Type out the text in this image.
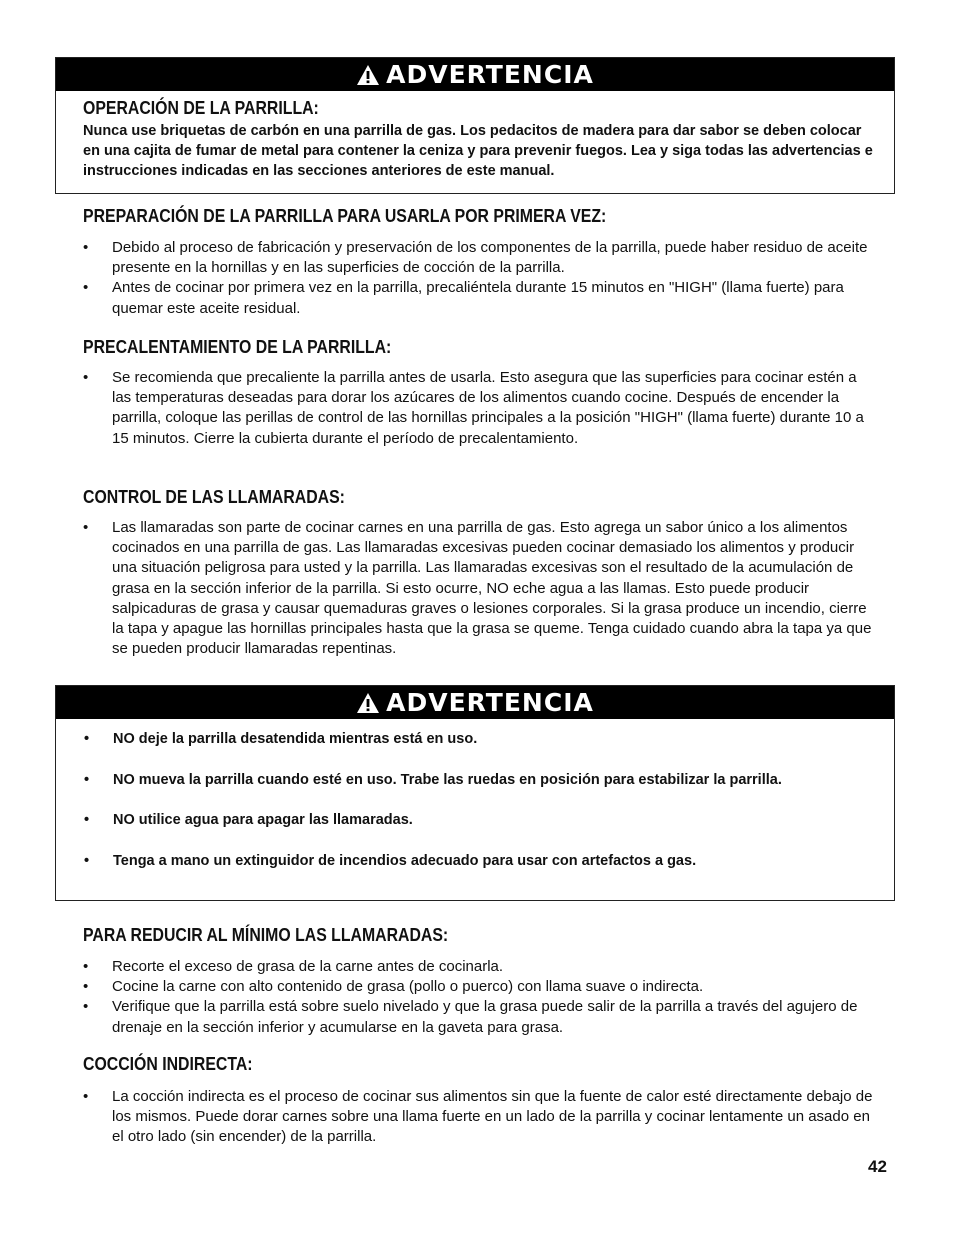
ADVERTENCIA
OPERACIÓN DE LA PARRILLA:
Nunca use briquetas de carbón en una parrilla de gas. Los pedacitos de madera para dar sabor se deben colocar en una cajita de fumar de metal para contener la ceniza y para prevenir fuegos. Lea y siga todas las advertencias e instrucciones indicadas en las secciones anteriores de este manual.
PREPARACIÓN DE LA PARRILLA PARA USARLA POR PRIMERA VEZ:
• Debido al proceso de fabricación y preservación de los componentes de la parrilla, puede haber residuo de aceite presente en la hornillas y en las superficies de cocción de la parrilla.
• Antes de cocinar por primera vez en la parrilla, precaliéntela durante 15 minutos en "HIGH" (llama fuerte) para quemar este aceite residual.
PRECALENTAMIENTO DE LA PARRILLA:
• Se recomienda que precaliente la parrilla antes de usarla. Esto asegura que las superficies para cocinar estén a las temperaturas deseadas para dorar los azúcares de los alimentos cuando cocine. Después de encender la parrilla, coloque las perillas de control de las hornillas principales a la posición "HIGH" (llama fuerte) durante 10 a 15 minutos. Cierre la cubierta durante el período de precalentamiento.
CONTROL DE LAS LLAMARADAS:
• Las llamaradas son parte de cocinar carnes en una parrilla de gas. Esto agrega un sabor único a los alimentos cocinados en una parrilla de gas. Las llamaradas excesivas pueden cocinar demasiado los alimentos y producir una situación peligrosa para usted y la parrilla. Las llamaradas excesivas son el resultado de la acumulación de grasa en la sección inferior de la parrilla. Si esto ocurre, NO eche agua a las llamas. Esto puede producir salpicaduras de grasa y causar quemaduras graves o lesiones corporales. Si la grasa produce un incendio, cierre la tapa y apague las hornillas principales hasta que la grasa se queme. Tenga cuidado cuando abra la tapa ya que se pueden producir llamaradas repentinas.
ADVERTENCIA
• NO deje la parrilla desatendida mientras está en uso.
• NO mueva la parrilla cuando esté en uso. Trabe las ruedas en posición para estabilizar la parrilla.
• NO utilice agua para apagar las llamaradas.
• Tenga a mano un extinguidor de incendios adecuado para usar con artefactos a gas.
PARA REDUCIR AL MÍNIMO LAS LLAMARADAS:
• Recorte el exceso de grasa de la carne antes de cocinarla.
• Cocine la carne con alto contenido de grasa (pollo o puerco) con llama suave o indirecta.
• Verifique que la parrilla está sobre suelo nivelado y que la grasa puede salir de la parrilla a través del agujero de drenaje en la sección inferior y acumularse en la gaveta para grasa.
COCCIÓN INDIRECTA:
• La cocción indirecta es el proceso de cocinar sus alimentos sin que la fuente de calor esté directamente debajo de los mismos. Puede dorar carnes sobre una llama fuerte en un lado de la parrilla y cocinar lentamente un asado en el otro lado (sin encender) de la parrilla.
42
